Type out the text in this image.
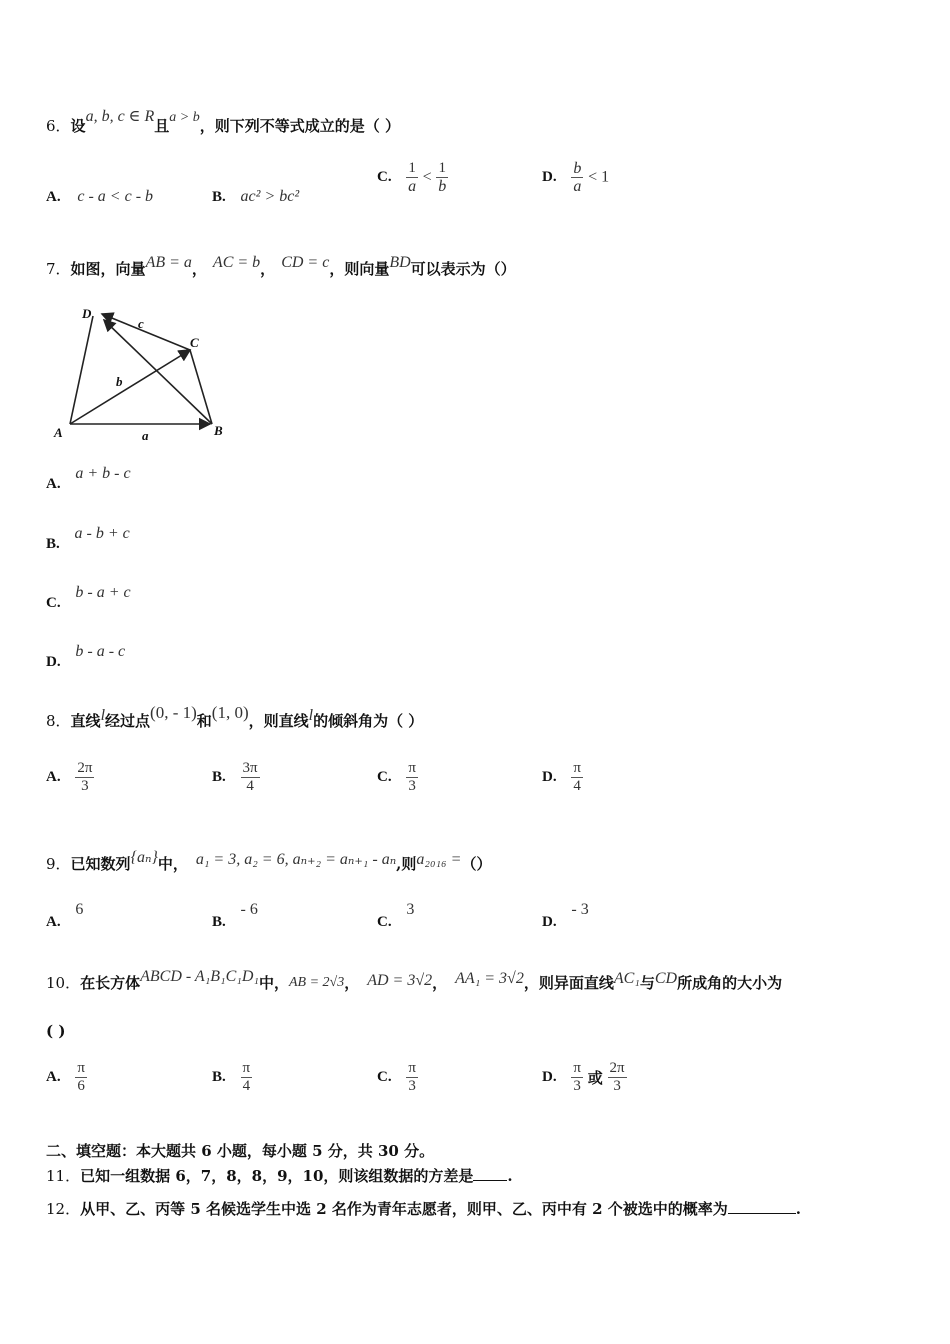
6．设a, b, c ∈ R且a > b，则下列不等式成立的是（ ）
A. c - a < c - b	B. ac² > bc²
C. $\frac{1}{a} < \frac{1}{b}$	D. $\frac{b}{a} < 1$
7．如图，向量AB = a， AC = b， CD = c，则向量BD可以表示为（）
D
C
A	B
c
b
a
A. a + b - c
B. a - b + c
C. b - a + c
D. b - a - c
8．直线l经过点(0, - 1)和(1, 0)，则直线l的倾斜角为（ ）
A. $\frac{2\pi}{3}$	B. $\frac{3\pi}{4}$	C. $\frac{\pi}{3}$	D. $\frac{\pi}{4}$
9．已知数列{aₙ}中， a₁ = 3, a₂ = 6, aₙ₊₂ = aₙ₊₁ - aₙ,则a₂₀₁₆ =（）
A. 6
B. - 6
C. 3
D. - 3
10．在长方体ABCD - A₁B₁C₁D₁中，AB = 2√3， AD = 3√2， AA₁ = 3√2，则异面直线AC₁与CD所成角的大小为
( )
A. $\frac{\pi}{6}$	B. $\frac{\pi}{4}$	C. $\frac{\pi}{3}$	D. $\frac{\pi}{3}$ 或 $\frac{2\pi}{3}$
二、填空题：本大题共 6 小题，每小题 5 分，共 30 分。
11．已知一组数据 6，7，8，8，9，10，则该组数据的方差是 .
12．从甲、乙、丙等 5 名候选学生中选 2 名作为青年志愿者，则甲、乙、丙中有 2 个被选中的概率为	.
